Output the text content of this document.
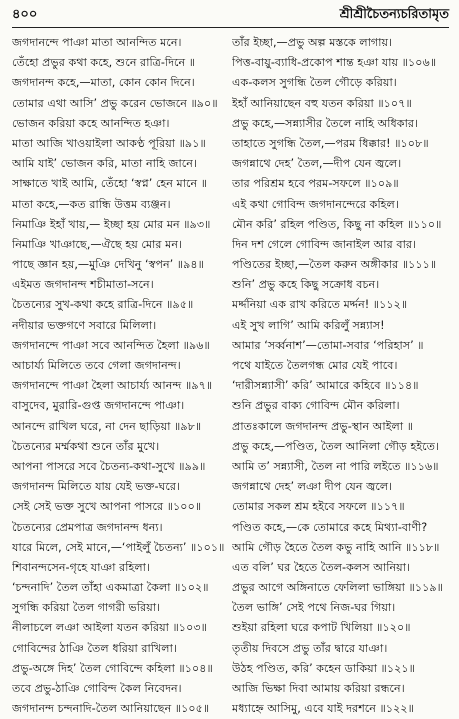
৪০০	শ্রীশ্রীচৈতন্যচরিতামৃত
জগদানন্দে পাঞা মাতা আনন্দিত মনে।
তেঁহো প্রভুর কথা কহে, শুনে রাত্রি-দিনে ॥
জগদানন্দ কহে,—মাতা, কোন কোন দিনে।
তোমার এথা আসি’ প্রভু করেন ভোজনে ॥৯০॥
ভোজন করিয়া কহে আনন্দিত হঞা।
মাতা আজি খাওয়াইলা আকণ্ঠ পূরিয়া ॥৯১॥
আমি যাই’ ভোজন করি, মাতা নাহি জানে।
সাক্ষাতে খাই আমি, তেঁহো ‘স্বপ্ন’ হেন মানে ॥
মাতা কহে,—কত রান্ধি উত্তম ব্যঞ্জন।
নিমাঞি ইহাঁ খায়,— ইচ্ছা হয় মোর মন ॥৯৩॥
নিমাঞি খাঞাছে,—ঐছে হয় মোর মন।
পাছে জ্ঞান হয়,—মুঞি দেখিনু ‘স্বপন’ ॥৯৪॥
এইমত জগদানন্দ শচীমাতা-সনে।
চৈতন্যের সুখ-কথা কহে রাত্রি-দিনে ॥৯৫॥
নদীয়ার ভক্তগণে সবারে মিলিলা।
জগদানন্দে পাঞা সবে আনন্দিত হৈলা ॥৯৬॥
আচার্য্য মিলিতে তবে গেলা জগদানন্দ।
জগদানন্দে পাঞা হৈলা আচার্য্য আনন্দ ॥৯৭॥
বাসুদেব, মুরারি-গুপ্ত জগদানন্দে পাঞা।
আনন্দে রাখিল ঘরে, না দেন ছাড়িয়া ॥৯৮॥
চৈতন্যের মর্ম্মকথা শুনে তাঁর মুখে।
আপনা পাসরে সবে চৈতন্য-কথা-সুখে ॥৯৯॥
জগদানন্দ মিলিতে যায় যেই ভক্ত-ঘরে।
সেই সেই ভক্ত সুখে আপনা পাসরে ॥১০০॥
চৈতন্যের প্রেমপাত্র জগদানন্দ ধন্য।
যারে মিলে, সেই মানে,—‘পাইলুঁ চৈতন্য’ ॥১০১॥
শিবানন্দসেন-গৃহে যাঞা রহিলা।
‘চন্দনাদি’ তৈল তাঁহা একমাত্রা কৈলা ॥১০২॥
সুগন্ধি করিয়া তৈল গাগরী ভরিয়া।
নীলাচলে লঞা আইলা যতন করিয়া ॥১০৩॥
গোবিন্দের ঠাঞি তৈল ধরিয়া রাখিলা।
প্রভু-অঙ্গে দিহ’ তৈল গোবিন্দে কহিলা ॥১০৪॥
তবে প্রভু-ঠাঞি গোবিন্দ কৈল নিবেদন।
জগদানন্দ চন্দনাদি-তৈল আনিয়াছেন ॥১০৫॥
তাঁর ইচ্ছা,—প্রভু অল্প মস্তকে লাগায়।
পিত্ত-বায়ু-ব্যাধি-প্রকোপ শান্ত হঞা যায় ॥১০৬॥
এক-কলস সুগন্ধি তৈল গৌড়ে করিয়া।
ইহাঁ আনিয়াছেন বহু যতন করিয়া ॥১০৭॥
প্রভু কহে,—সন্ন্যাসীর তৈলে নাহি অধিকার।
তাহাতে সুগন্ধি তৈল,—পরম ধিক্কার! ॥১০৮॥
জগন্নাথে দেহ’ তৈল,—দীপ যেন জ্বলে।
তার পরিশ্রম হবে পরম-সফলে ॥১০৯॥
এই কথা গোবিন্দ জগদানন্দেরে কহিল।
মৌন করি’ রহিল পণ্ডিত, কিছু না কহিল ॥১১০॥
দিন দশ গেলে গোবিন্দ জানাইল আর বার।
পণ্ডিতের ইচ্ছা,—তৈল করুন অঙ্গীকার ॥১১১॥
শুনি’ প্রভু কহে কিছু সক্রোধ বচন।
মর্দ্দনিয়া এক রাখ করিতে মর্দ্দন! ॥১১২॥
এই সুখ লাগি’ আমি করিলুঁ সন্ন্যাস!
আমার ‘সর্ব্বনাশ’—তোমা-সবার ‘পরিহাস’ ॥
পথে যাইতে তৈলগন্ধ মোর যেই পাবে।
‘দারীসন্ন্যাসী’ করি’ আমারে কহিবে ॥১১৪॥
শুনি প্রভুর বাক্য গোবিন্দ মৌন করিলা।
প্রাতঃকালে জগদানন্দ প্রভু-স্থান আইলা ॥
প্রভু কহে,—পণ্ডিত, তৈল আনিলা গৌড় হইতে।
আমি ত’ সন্ন্যাসী, তৈল না পারি লইতে ॥১১৬॥
জগন্নাথে দেহ’ লঞা দীপ যেন জ্বলে।
তোমার সকল শ্রম হইবে সফলে ॥১১৭॥
পণ্ডিত কহে,—কে তোমারে কহে মিথ্যা-বাণী?
আমি গৌড় হৈতে তৈল কভু নাহি আনি ॥১১৮॥
এত বলি’ ঘর হৈতে তৈল-কলস আনিয়া।
প্রভুর আগে অঙ্গিনাতে ফেলিলা ভাঙ্গিয়া ॥১১৯॥
তৈল ভাঙ্গি’ সেই পথে নিজ-ঘর গিয়া।
শুইয়া রহিলা ঘরে কপাট খিলিয়া ॥১২০॥
তৃতীয় দিবসে প্রভু তাঁর দ্বারে যাঞা।
উঠহ পণ্ডিত, করি’ কহেন ডাকিয়া ॥১২১॥
আজি ভিক্ষা দিবা আমায় করিয়া রন্ধনে।
মধ্যাহ্নে আসিমু, এবে যাই দরশনে ॥১২২॥
